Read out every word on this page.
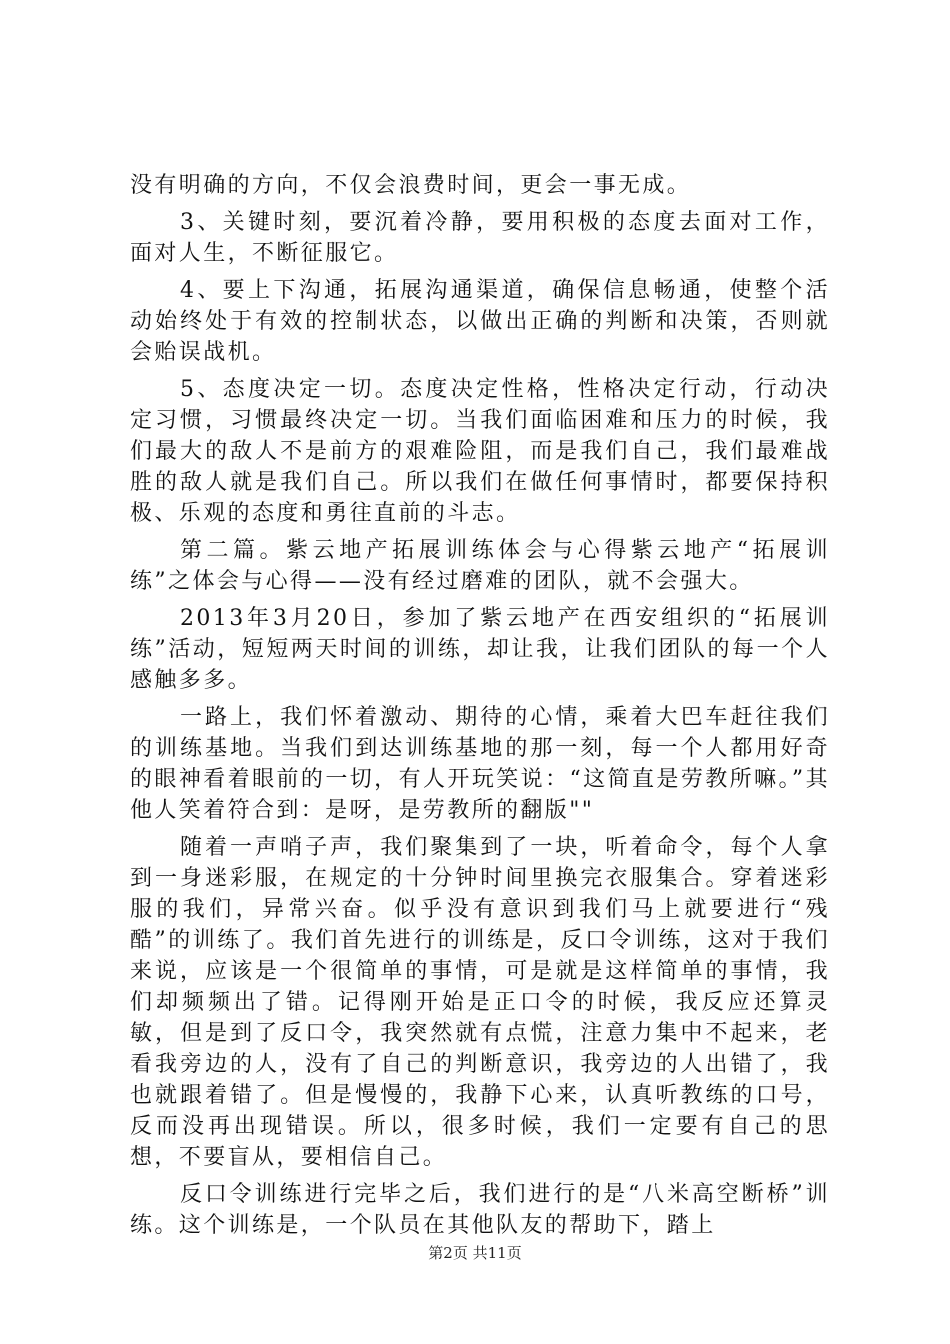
没有明确的方向，不仅会浪费时间，更会一事无成。

3、关键时刻，要沉着冷静，要用积极的态度去面对工作，面对人生，不断征服它。

4、要上下沟通，拓展沟通渠道，确保信息畅通，使整个活动始终处于有效的控制状态，以做出正确的判断和决策，否则就会贻误战机。

5、态度决定一切。态度决定性格，性格决定行动，行动决定习惯，习惯最终决定一切。当我们面临困难和压力的时候，我们最大的敌人不是前方的艰难险阻，而是我们自己，我们最难战胜的敌人就是我们自己。所以我们在做任何事情时，都要保持积极、乐观的态度和勇往直前的斗志。

第二篇。紫云地产拓展训练体会与心得紫云地产“拓展训练”之体会与心得——没有经过磨难的团队，就不会强大。

2013年3月20日，参加了紫云地产在西安组织的“拓展训练”活动，短短两天时间的训练，却让我，让我们团队的每一个人感触多多。

一路上，我们怀着激动、期待的心情，乘着大巴车赶往我们的训练基地。当我们到达训练基地的那一刻，每一个人都用好奇的眼神看着眼前的一切，有人开玩笑说：“这简直是劳教所嘛。”其他人笑着符合到：是呀，是劳教所的翻版""

随着一声哨子声，我们聚集到了一块，听着命令，每个人拿到一身迷彩服，在规定的十分钟时间里换完衣服集合。穿着迷彩服的我们，异常兴奋。似乎没有意识到我们马上就要进行“残酷”的训练了。我们首先进行的训练是，反口令训练，这对于我们来说，应该是一个很简单的事情，可是就是这样简单的事情，我们却频频出了错。记得刚开始是正口令的时候，我反应还算灵敏，但是到了反口令，我突然就有点慌，注意力集中不起来，老看我旁边的人，没有了自己的判断意识，我旁边的人出错了，我也就跟着错了。但是慢慢的，我静下心来，认真听教练的口号，反而没再出现错误。所以，很多时候，我们一定要有自己的思想，不要盲从，要相信自己。

反口令训练进行完毕之后，我们进行的是“八米高空断桥”训练。这个训练是，一个队员在其他队友的帮助下，踏上

第2页 共11页
